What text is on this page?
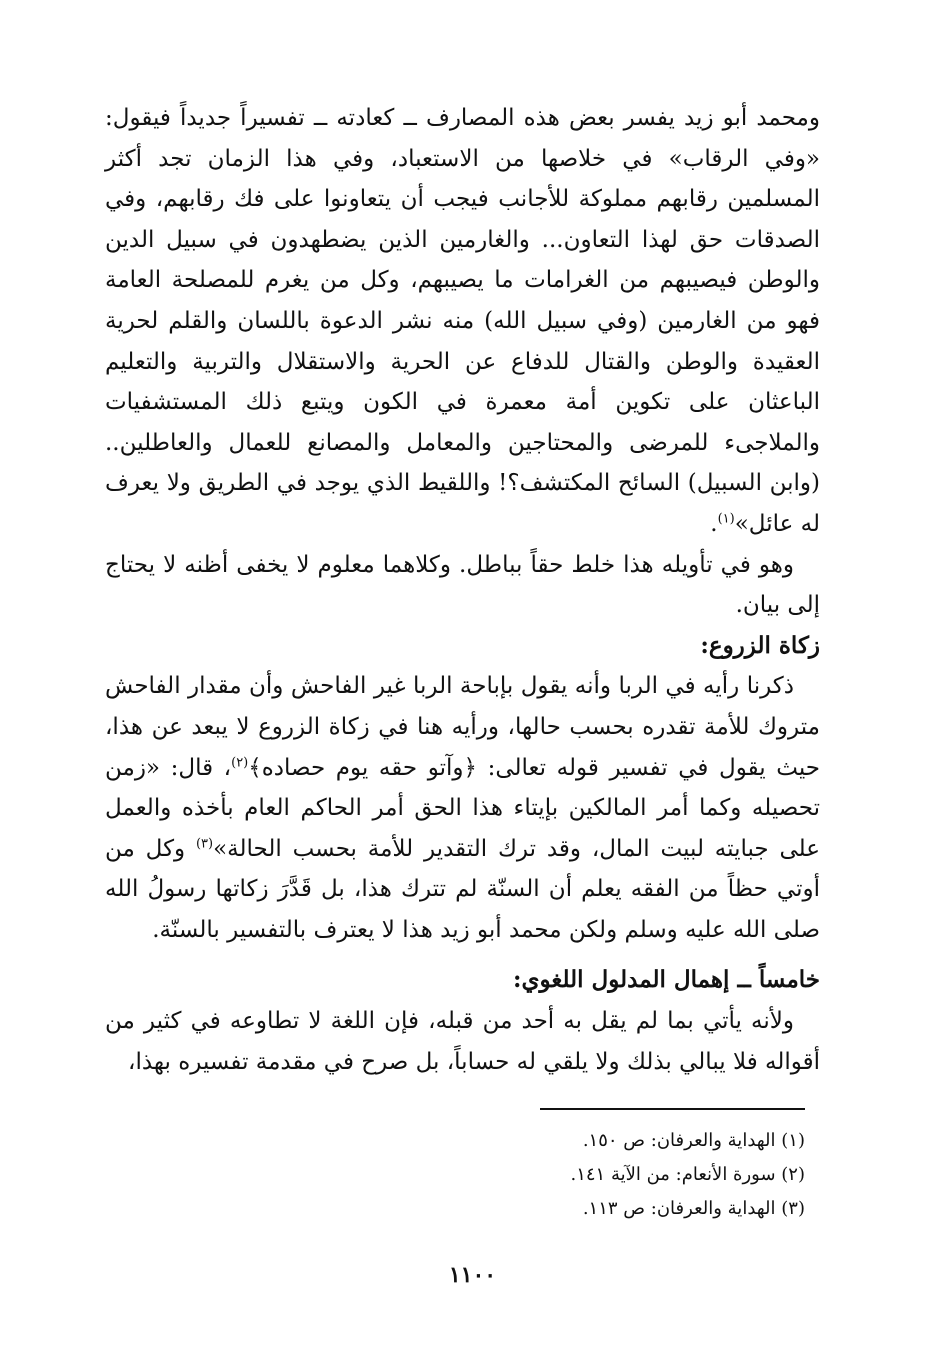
ومحمد أبو زيد يفسر بعض هذه المصارف ــ كعادته ــ تفسيراً جديداً فيقول: «وفي الرقاب» في خلاصها من الاستعباد، وفي هذا الزمان تجد أكثر المسلمين رقابهم مملوكة للأجانب فيجب أن يتعاونوا على فك رقابهم، وفي الصدقات حق لهذا التعاون... والغارمين الذين يضطهدون في سبيل الدين والوطن فيصيبهم من الغرامات ما يصيبهم، وكل من يغرم للمصلحة العامة فهو من الغارمين (وفي سبيل الله) منه نشر الدعوة باللسان والقلم لحرية العقيدة والوطن والقتال للدفاع عن الحرية والاستقلال والتربية والتعليم الباعثان على تكوين أمة معمرة في الكون ويتبع ذلك المستشفيات والملاجىء للمرضى والمحتاجين والمعامل والمصانع للعمال والعاطلين.. (وابن السبيل) السائح المكتشف؟! واللقيط الذي يوجد في الطريق ولا يعرف له عائل»$^{(١)}$.

وهو في تأويله هذا خلط حقاً بباطل. وكلاهما معلوم لا يخفى أظنه لا يحتاج إلى بيان.

زكاة الزروع:

ذكرنا رأيه في الربا وأنه يقول بإباحة الربا غير الفاحش وأن مقدار الفاحش متروك للأمة تقدره بحسب حالها، ورأيه هنا في زكاة الزروع لا يبعد عن هذا، حيث يقول في تفسير قوله تعالى: ﴿وآتو حقه يوم حصاده﴾$^{(٢)}$، قال: «زمن تحصيله وكما أمر المالكين بإيتاء هذا الحق أمر الحاكم العام بأخذه والعمل على جبايته لبيت المال، وقد ترك التقدير للأمة بحسب الحالة»$^{(٣)}$ وكل من أوتي حظاً من الفقه يعلم أن السنّة لم تترك هذا، بل قَدَّرَ زكاتها رسولُ الله صلى الله عليه وسلم ولكن محمد أبو زيد هذا لا يعترف بالتفسير بالسنّة.

خامساً ــ إهمال المدلول اللغوي:

ولأنه يأتي بما لم يقل به أحد من قبله، فإن اللغة لا تطاوعه في كثير من أقواله فلا يبالي بذلك ولا يلقي له حساباً، بل صرح في مقدمة تفسيره بهذا،

(١) الهداية والعرفان: ص ١٥٠.
(٢) سورة الأنعام: من الآية ١٤١.
(٣) الهداية والعرفان: ص ١١٣.
١١٠٠
